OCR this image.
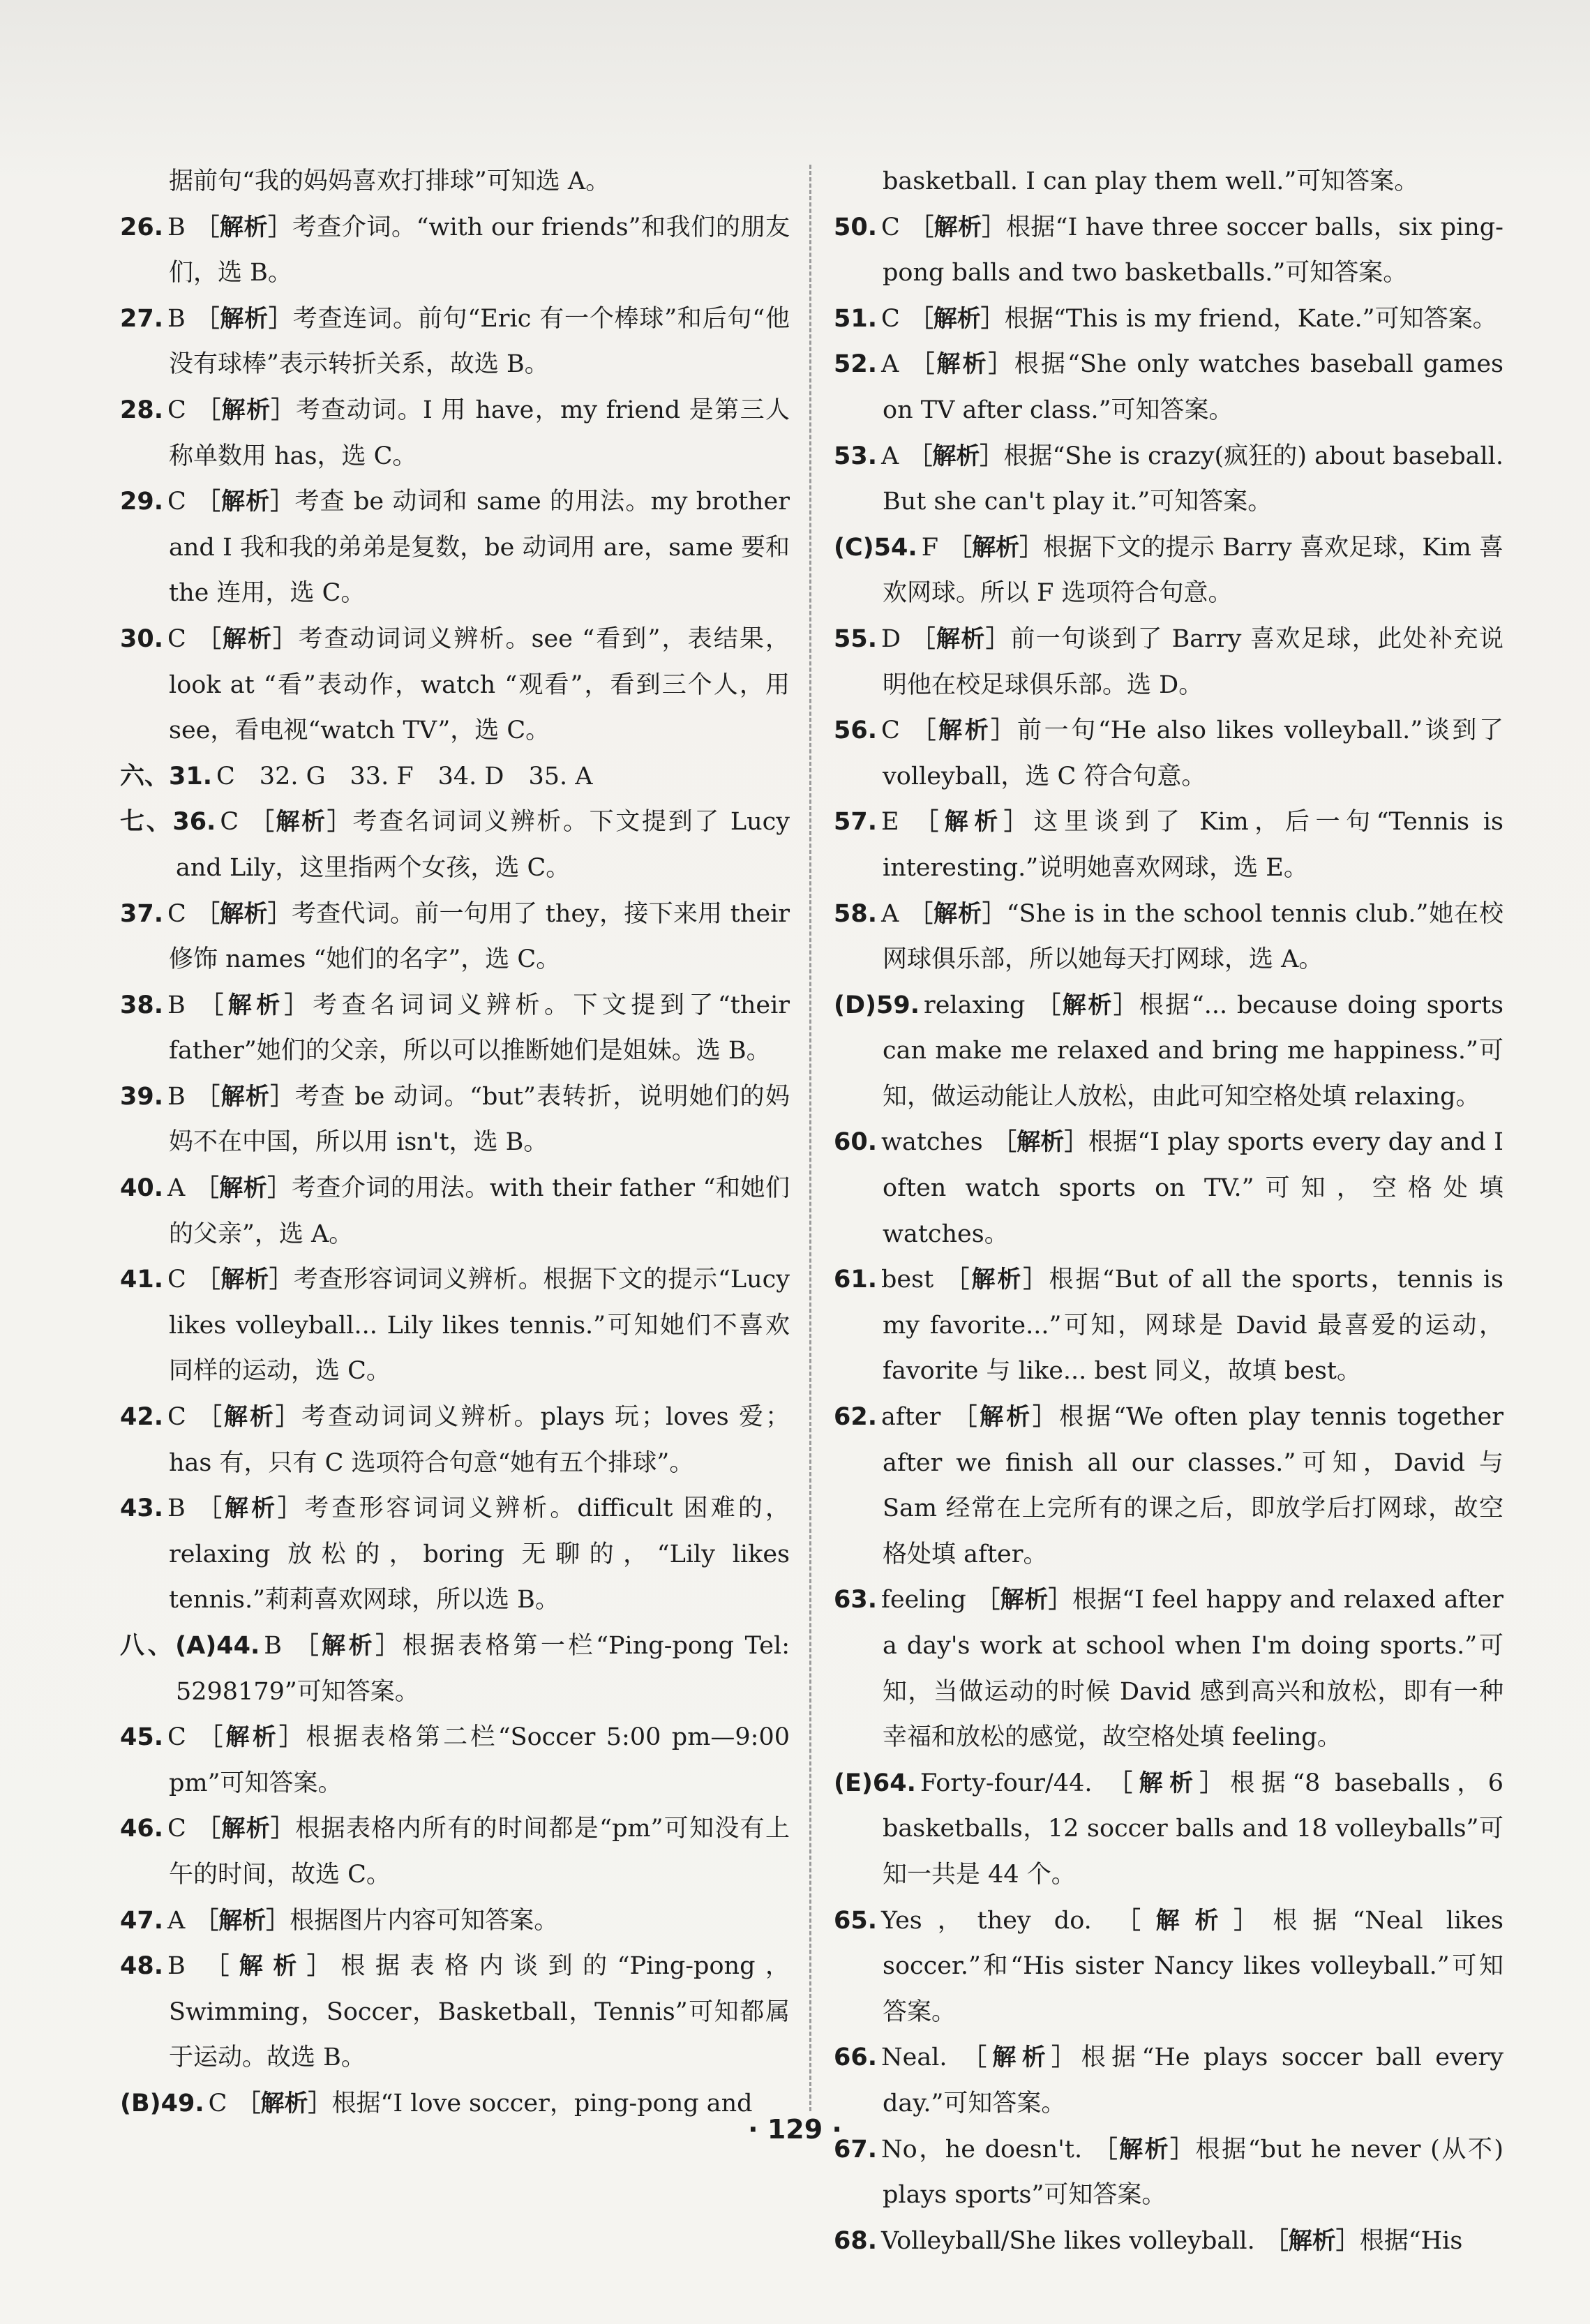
据前句“我的妈妈喜欢打排球”可知选 A。

26. B ［解析］考查介词。“with our friends”和我们的朋友们，选 B。

27. B ［解析］考查连词。前句“Eric 有一个棒球”和后句“他没有球棒”表示转折关系，故选 B。

28. C ［解析］考查动词。I 用 have，my friend 是第三人称单数用 has，选 C。

29. C ［解析］考查 be 动词和 same 的用法。my brother and I 我和我的弟弟是复数，be 动词用 are，same 要和 the 连用，选 C。

30. C ［解析］考查动词词义辨析。see “看到”，表结果，look at “看”表动作，watch “观看”，看到三个人，用 see，看电视“watch TV”，选 C。

六、31. C　32. G　33. F　34. D　35. A

七、36. C ［解析］考查名词词义辨析。下文提到了 Lucy and Lily，这里指两个女孩，选 C。

37. C ［解析］考查代词。前一句用了 they，接下来用 their 修饰 names “她们的名字”，选 C。

38. B ［解析］考查名词词义辨析。下文提到了“their father”她们的父亲，所以可以推断她们是姐妹。选 B。

39. B ［解析］考查 be 动词。“but”表转折，说明她们的妈妈不在中国，所以用 isn't，选 B。

40. A ［解析］考查介词的用法。with their father “和她们的父亲”，选 A。

41. C ［解析］考查形容词词义辨析。根据下文的提示“Lucy likes volleyball... Lily likes tennis.”可知她们不喜欢同样的运动，选 C。

42. C ［解析］考查动词词义辨析。plays 玩；loves 爱；has 有，只有 C 选项符合句意“她有五个排球”。

43. B ［解析］考查形容词词义辨析。difficult 困难的，relaxing 放松的，boring 无聊的，“Lily likes tennis.”莉莉喜欢网球，所以选 B。

八、(A)44. B ［解析］根据表格第一栏“Ping-pong Tel: 5298179”可知答案。

45. C ［解析］根据表格第二栏“Soccer 5:00 pm—9:00 pm”可知答案。

46. C ［解析］根据表格内所有的时间都是“pm”可知没有上午的时间，故选 C。

47. A ［解析］根据图片内容可知答案。

48. B ［解析］根据表格内谈到的“Ping-pong，Swimming，Soccer，Basketball，Tennis”可知都属于运动。故选 B。

(B)49. C ［解析］根据“I love soccer，ping-pong and

basketball. I can play them well.”可知答案。

50. C ［解析］根据“I have three soccer balls，six ping-pong balls and two basketballs.”可知答案。

51. C ［解析］根据“This is my friend，Kate.”可知答案。

52. A ［解析］根据“She only watches baseball games on TV after class.”可知答案。

53. A ［解析］根据“She is crazy(疯狂的) about baseball. But she can't play it.”可知答案。

(C)54. F ［解析］根据下文的提示 Barry 喜欢足球，Kim 喜欢网球。所以 F 选项符合句意。

55. D ［解析］前一句谈到了 Barry 喜欢足球，此处补充说明他在校足球俱乐部。选 D。

56. C ［解析］前一句“He also likes volleyball.”谈到了 volleyball，选 C 符合句意。

57. E ［解析］这里谈到了 Kim，后一句“Tennis is interesting.”说明她喜欢网球，选 E。

58. A ［解析］“She is in the school tennis club.”她在校网球俱乐部，所以她每天打网球，选 A。

(D)59. relaxing ［解析］根据“... because doing sports can make me relaxed and bring me happiness.”可知，做运动能让人放松，由此可知空格处填 relaxing。

60. watches ［解析］根据“I play sports every day and I often watch sports on TV.”可知，空格处填 watches。

61. best ［解析］根据“But of all the sports，tennis is my favorite...”可知，网球是 David 最喜爱的运动，favorite 与 like... best 同义，故填 best。

62. after ［解析］根据“We often play tennis together after we finish all our classes.”可知，David 与 Sam 经常在上完所有的课之后，即放学后打网球，故空格处填 after。

63. feeling ［解析］根据“I feel happy and relaxed after a day's work at school when I'm doing sports.”可知，当做运动的时候 David 感到高兴和放松，即有一种幸福和放松的感觉，故空格处填 feeling。

(E)64. Forty-four/44. ［解析］根据“8 baseballs，6 basketballs，12 soccer balls and 18 volleyballs”可知一共是 44 个。

65. Yes，they do. ［解析］根据“Neal likes soccer.”和“His sister Nancy likes volleyball.”可知答案。

66. Neal. ［解析］根据“He plays soccer ball every day.”可知答案。

67. No，he doesn't. ［解析］根据“but he never (从不) plays sports”可知答案。

68. Volleyball/She likes volleyball. ［解析］根据“His

· 129 ·
